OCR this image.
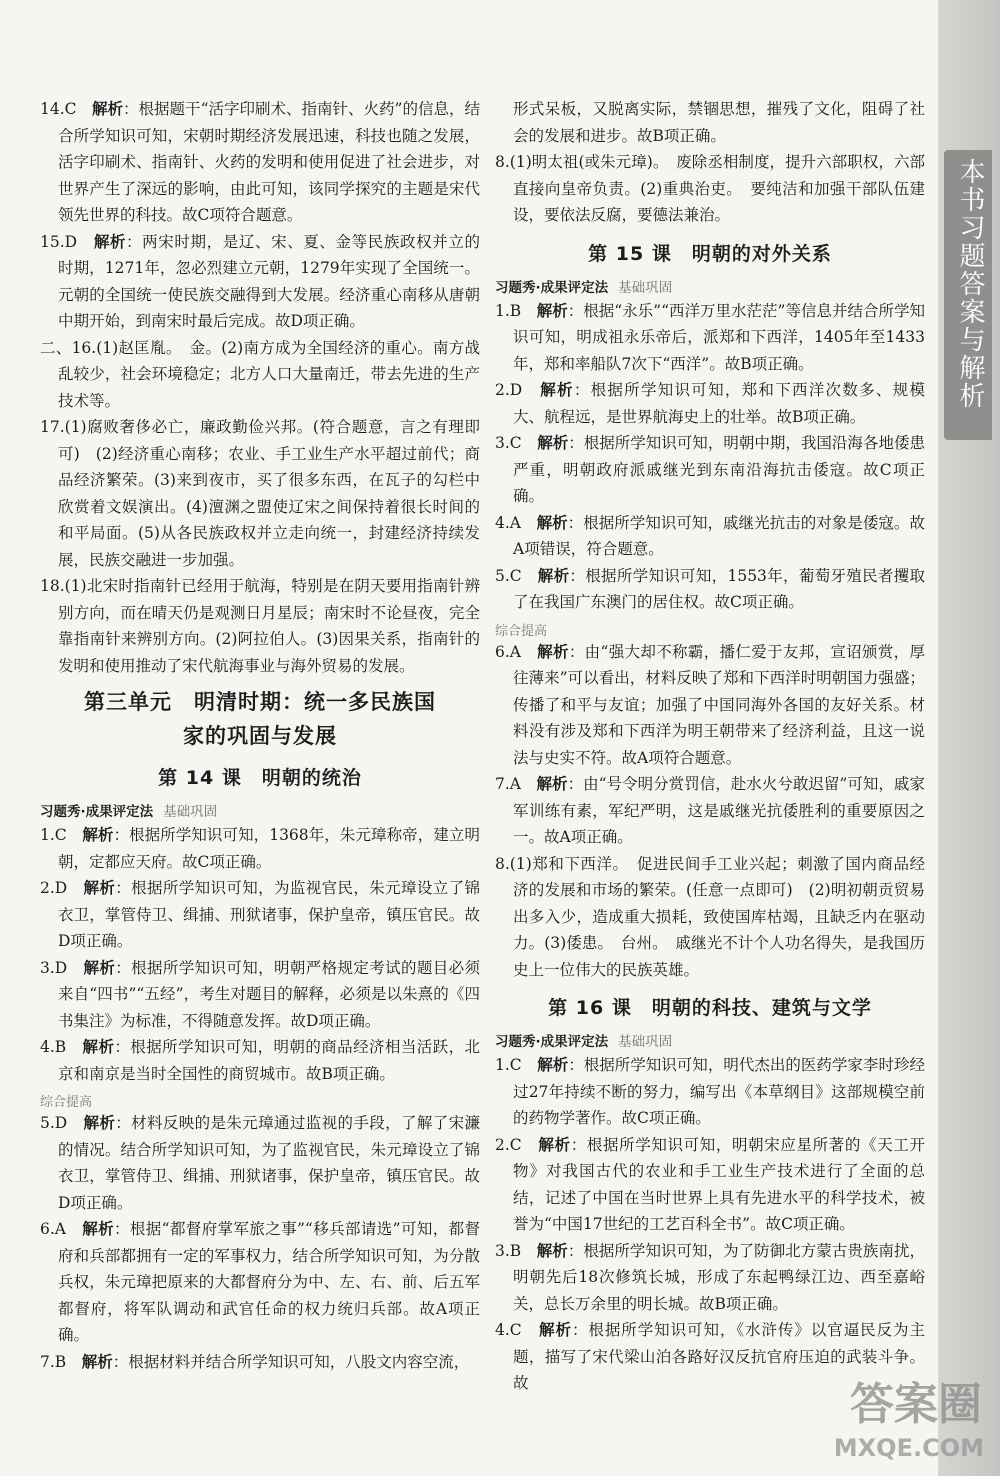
14.C　 解析：根据题干“活字印刷术、指南针、火药”的信息，结合所学知识可知，宋朝时期经济发展迅速，科技也随之发展，活字印刷术、指南针、火药的发明和使用促进了社会进步，对世界产生了深远的影响，由此可知，该同学探究的主题是宋代领先世界的科技。故C项符合题意。

15.D　 解析：两宋时期，是辽、宋、夏、金等民族政权并立的时期，1271年，忽必烈建立元朝，1279年实现了全国统一。元朝的全国统一使民族交融得到大发展。经济重心南移从唐朝中期开始，到南宋时最后完成。故D项正确。

二、16.(1)赵匡胤。　金。(2)南方成为全国经济的重心。南方战乱较少，社会环境稳定；北方人口大量南迁，带去先进的生产技术等。

17.(1)腐败奢侈必亡，廉政勤俭兴邦。(符合题意，言之有理即可)　(2)经济重心南移；农业、手工业生产水平超过前代；商品经济繁荣。(3)来到夜市，买了很多东西，在瓦子的勾栏中欣赏着文娱演出。(4)澶渊之盟使辽宋之间保持着很长时间的和平局面。(5)从各民族政权并立走向统一，封建经济持续发展，民族交融进一步加强。

18.(1)北宋时指南针已经用于航海，特别是在阴天要用指南针辨别方向，而在晴天仍是观测日月星辰；南宋时不论昼夜，完全靠指南针来辨别方向。(2)阿拉伯人。(3)因果关系，指南针的发明和使用推动了宋代航海事业与海外贸易的发展。

第三单元　明清时期：统一多民族国
家的巩固与发展
第 14 课　明朝的统治
习题秀·成果评定法 基础巩固

1.C　 解析：根据所学知识可知，1368年，朱元璋称帝，建立明朝，定都应天府。故C项正确。

2.D　 解析：根据所学知识可知，为监视官民，朱元璋设立了锦衣卫，掌管侍卫、缉捕、刑狱诸事，保护皇帝，镇压官民。故D项正确。

3.D　 解析：根据所学知识可知，明朝严格规定考试的题目必须来自“四书”“五经”，考生对题目的解释，必须是以朱熹的《四书集注》为标准，不得随意发挥。故D项正确。

4.B　 解析：根据所学知识可知，明朝的商品经济相当活跃，北京和南京是当时全国性的商贸城市。故B项正确。

综合提高

5.D　 解析：材料反映的是朱元璋通过监视的手段，了解了宋濂的情况。结合所学知识可知，为了监视官民，朱元璋设立了锦衣卫，掌管侍卫、缉捕、刑狱诸事，保护皇帝，镇压官民。故D项正确。

6.A　 解析：根据“都督府掌军旅之事”“移兵部请选”可知，都督府和兵部都拥有一定的军事权力，结合所学知识可知，为分散兵权，朱元璋把原来的大都督府分为中、左、右、前、后五军都督府，将军队调动和武官任命的权力统归兵部。故A项正确。

7.B　 解析：根据材料并结合所学知识可知，八股文内容空流，

形式呆板，又脱离实际，禁锢思想，摧残了文化，阻碍了社会的发展和进步。故B项正确。

8.(1)明太祖(或朱元璋)。　废除丞相制度，提升六部职权，六部直接向皇帝负责。(2)重典治吏。　要纯洁和加强干部队伍建设，要依法反腐，要德法兼治。

第 15 课　明朝的对外关系
习题秀·成果评定法 基础巩固

1.B　 解析：根据“永乐”“西洋万里水茫茫”等信息并结合所学知识可知，明成祖永乐帝后，派郑和下西洋，1405年至1433年，郑和率船队7次下“西洋”。故B项正确。

2.D　 解析：根据所学知识可知，郑和下西洋次数多、规模大、航程远，是世界航海史上的壮举。故B项正确。

3.C　 解析：根据所学知识可知，明朝中期，我国沿海各地倭患严重，明朝政府派戚继光到东南沿海抗击倭寇。故C项正确。

4.A　 解析：根据所学知识可知，戚继光抗击的对象是倭寇。故A项错误，符合题意。

5.C　 解析：根据所学知识可知，1553年，葡萄牙殖民者攫取了在我国广东澳门的居住权。故C项正确。

综合提高

6.A　 解析：由“强大却不称霸，播仁爱于友邦，宣诏颁赏，厚往薄来”可以看出，材料反映了郑和下西洋时明朝国力强盛；传播了和平与友谊；加强了中国同海外各国的友好关系。材料没有涉及郑和下西洋为明王朝带来了经济利益，且这一说法与史实不符。故A项符合题意。

7.A　 解析：由“号令明分赏罚信，赴水火兮敢迟留”可知，戚家军训练有素，军纪严明，这是戚继光抗倭胜利的重要原因之一。故A项正确。

8.(1)郑和下西洋。　促进民间手工业兴起；刺激了国内商品经济的发展和市场的繁荣。(任意一点即可)　(2)明初朝贡贸易出多入少，造成重大损耗，致使国库枯竭，且缺乏内在驱动力。(3)倭患。　台州。　戚继光不计个人功名得失，是我国历史上一位伟大的民族英雄。

第 16 课　明朝的科技、建筑与文学
习题秀·成果评定法 基础巩固

1.C　 解析：根据所学知识可知，明代杰出的医药学家李时珍经过27年持续不断的努力，编写出《本草纲目》这部规模空前的药物学著作。故C项正确。

2.C　 解析：根据所学知识可知，明朝宋应星所著的《天工开物》对我国古代的农业和手工业生产技术进行了全面的总结，记述了中国在当时世界上具有先进水平的科学技术，被誉为“中国17世纪的工艺百科全书”。故C项正确。

3.B　 解析：根据所学知识可知，为了防御北方蒙古贵族南扰，明朝先后18次修筑长城，形成了东起鸭绿江边、西至嘉峪关，总长万余里的明长城。故B项正确。

4.C　 解析：根据所学知识可知，《水浒传》以官逼民反为主题，描写了宋代梁山泊各路好汉反抗官府压迫的武装斗争。故

本书习题答案与解析
答案圈
MXQE.COM
